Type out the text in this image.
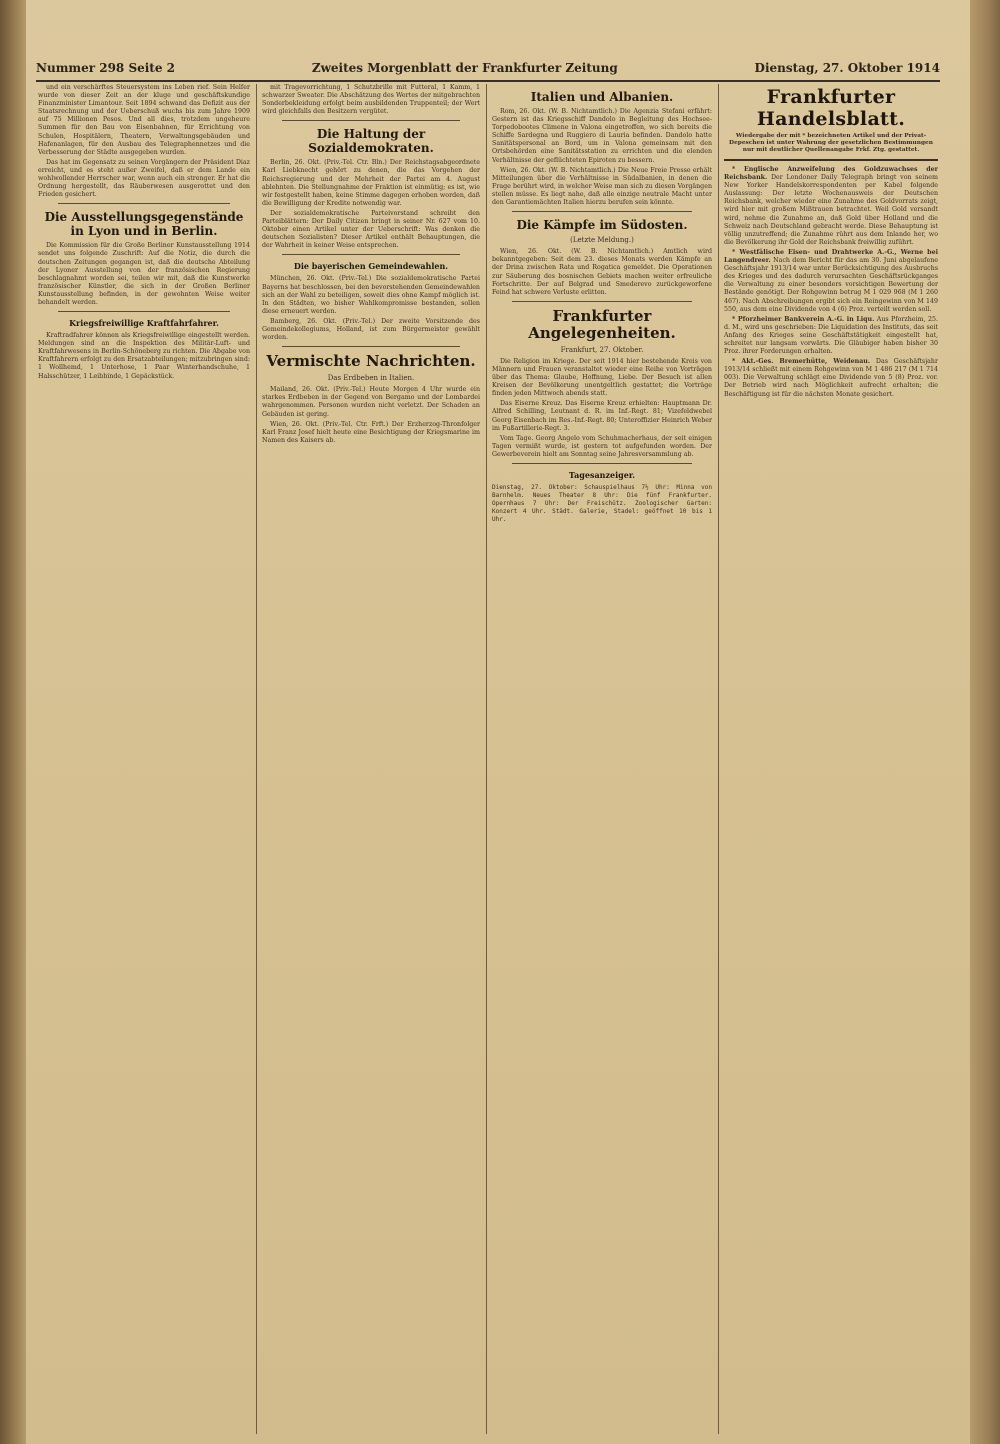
Nummer 298 Seite 2	Zweites Morgenblatt der Frankfurter Zeitung	Dienstag, 27. Oktober 1914

und ein verschärftes Steuersystem ins Leben rief. Sein Helfer wurde von dieser Zeit an der kluge und geschäftskundige Finanzminister Limantour. Seit 1894 schwand das Defizit aus der Staatsrechnung und der Ueberschuß wuchs bis zum Jahre 1909 auf 75 Millionen Pesos. Und all dies, trotzdem ungeheure Summen für den Bau von Eisenbahnen, für Errichtung von Schulen, Hospitälern, Theatern, Verwaltungsgebäuden und Hafenanlagen, für den Ausbau des Telegraphennetzes und die Verbesserung der Städte ausgegeben wurden.

Das hat im Gegensatz zu seinen Vorgängern der Präsident Diaz erreicht, und es steht außer Zweifel, daß er dem Lande ein wohlwollender Herrscher war, wenn auch ein strenger. Er hat die Ordnung hergestellt, das Räuberwesen ausgerottet und den Frieden gesichert.

Die Ausstellungsgegenstände in Lyon und in Berlin.

Die Kommission für die Große Berliner Kunstausstellung 1914 sendet uns folgende Zuschrift: Auf die Notiz, die durch die deutschen Zeitungen gegangen ist, daß die deutsche Abteilung der Lyoner Ausstellung von der französischen Regierung beschlagnahmt worden sei, teilen wir mit, daß die Kunstwerke französischer Künstler, die sich in der Großen Berliner Kunstausstellung befinden, in der gewohnten Weise weiter behandelt werden.

Kriegsfreiwillige Kraftfahrfahrer.

Kraftradfahrer können als Kriegsfreiwillige eingestellt werden. Meldungen sind an die Inspektion des Militär-Luft- und Kraftfahrwesens in Berlin-Schöneberg zu richten. Die Abgabe von Kraftfahrern erfolgt zu den Ersatzabteilungen; mitzubringen sind: 1 Wollhemd, 1 Unterhose, 1 Paar Winterhandschuhe, 1 Halsschützer, 1 Leibbinde, 1 Gepäckstück.

mit Tragevorrichtung, 1 Schutzbrille mit Futteral, 1 Kamm, 1 schwarzer Sweater. Die Abschätzung des Wertes der mitgebrachten Sonderbekleidung erfolgt beim ausbildenden Truppenteil; der Wert wird gleichfalls den Besitzern vergütet.

Die Haltung der Sozialdemokraten.

Berlin, 26. Okt. (Priv.-Tel. Ctr. Bln.) Der Reichstagsabgeordnete Karl Liebknecht gehört zu denen, die das Vorgehen der Reichsregierung und der Mehrheit der Partei am 4. August ablehnten. Die Stellungnahme der Fraktion ist einmütig; es ist, wie wir festgestellt haben, keine Stimme dagegen erhoben worden, daß die Bewilligung der Kredite notwendig war.

Der sozialdemokratische Parteivorstand schreibt den Parteiblättern: Der Daily Citizen bringt in seiner Nr. 627 vom 10. Oktober einen Artikel unter der Ueberschrift: Was denken die deutschen Sozialisten? Dieser Artikel enthält Behauptungen, die der Wahrheit in keiner Weise entsprechen.

Die bayerischen Gemeindewahlen.

München, 26. Okt. (Priv.-Tel.) Die sozialdemokratische Partei Bayerns hat beschlossen, bei den bevorstehenden Gemeindewahlen sich an der Wahl zu beteiligen, soweit dies ohne Kampf möglich ist. In den Städten, wo bisher Wahlkompromisse bestanden, sollen diese erneuert werden.

Bamberg, 26. Okt. (Priv.-Tel.) Der zweite Vorsitzende des Gemeindekollegiums, Holland, ist zum Bürgermeister gewählt worden.

Vermischte Nachrichten.
Das Erdbeben in Italien.

Mailand, 26. Okt. (Priv.-Tel.) Heute Morgen 4 Uhr wurde ein starkes Erdbeben in der Gegend von Bergamo und der Lombardei wahrgenommen. Personen wurden nicht verletzt. Der Schaden an Gebäuden ist gering.

Wien, 26. Okt. (Priv.-Tel. Ctr. Frft.) Der Erzherzog-Thronfolger Karl Franz Josef hielt heute eine Besichtigung der Kriegsmarine im Namen des Kaisers ab.

Italien und Albanien.

Rom, 26. Okt. (W. B. Nichtamtlich.) Die Agenzia Stefani erfährt: Gestern ist das Kriegsschiff Dandolo in Begleitung des Hochsee-Torpedobootes Climene in Valona eingetroffen, wo sich bereits die Schiffe Sardegna und Ruggiero di Lauria befinden. Dandolo hatte Sanitätspersonal an Bord, um in Valona gemeinsam mit den Ortsbehörden eine Sanitätsstation zu errichten und die elenden Verhältnisse der geflüchteten Epiroten zu bessern.

Wien, 26. Okt. (W. B. Nichtamtlich.) Die Neue Freie Presse erhält Mitteilungen über die Verhältnisse in Südalbanien, in denen die Frage berührt wird, in welcher Weise man sich zu diesen Vorgängen stellen müsse. Es liegt nahe, daß alle einzige neutrale Macht unter den Garantiemächten Italien hierzu berufen sein könnte.

Die Kämpfe im Südosten.
(Letzte Meldung.)

Wien, 26. Okt. (W. B. Nichtamtlich.) Amtlich wird bekanntgegeben: Seit dem 23. dieses Monats werden Kämpfe an der Drina zwischen Rata und Rogatica gemeldet. Die Operationen zur Säuberung des bosnischen Gebiets machen weiter erfreuliche Fortschritte. Der auf Belgrad und Smederevo zurückgeworfene Feind hat schwere Verluste erlitten.

Frankfurter Angelegenheiten.
Frankfurt, 27. Oktober.

Die Religion im Kriege. Der seit 1914 hier bestehende Kreis von Männern und Frauen veranstaltet wieder eine Reihe von Vorträgen über das Thema: Glaube, Hoffnung, Liebe. Der Besuch ist allen Kreisen der Bevölkerung unentgeltlich gestattet; die Vorträge finden jeden Mittwoch abends statt.

Das Eiserne Kreuz. Das Eiserne Kreuz erhielten: Hauptmann Dr. Alfred Schilling, Leutnant d. R. im Inf.-Regt. 81; Vizefeldwebel Georg Eisenbach im Res.-Inf.-Regt. 80; Unteroffizier Heinrich Weber im Fußartillerie-Regt. 3.

Vom Tage. Georg Angelo vom Schuhmacherhaus, der seit einigen Tagen vermißt wurde, ist gestern tot aufgefunden worden. Der Gewerbeverein hielt am Sonntag seine Jahresversammlung ab.

Tagesanzeiger.

Dienstag, 27. Oktober: Schauspielhaus 7½ Uhr: Minna von Barnhelm. Neues Theater 8 Uhr: Die fünf Frankfurter. Opernhaus 7 Uhr: Der Freischütz. Zoologischer Garten: Konzert 4 Uhr. Städt. Galerie, Stadel: geöffnet 10 bis 1 Uhr.

Frankfurter Handelsblatt.
Wiedergabe der mit * bezeichneten Artikel und der Privat-Depeschen ist unter Wahrung der gesetzlichen Bestimmungen nur mit deutlicher Quellenangabe Frkf. Ztg. gestattet.

* Englische Anzweifelung des Goldzuwachses der Reichsbank. Der Londoner Daily Telegraph bringt von seinem New Yorker Handelskorrespondenten per Kabel folgende Auslassung: Der letzte Wochenausweis der Deutschen Reichsbank, welcher wieder eine Zunahme des Goldvorrats zeigt, wird hier mit großem Mißtrauen betrachtet. Weil Gold versandt wird, nehme die Zunahme an, daß Gold über Holland und die Schweiz nach Deutschland gebracht werde. Diese Behauptung ist völlig unzutreffend; die Zunahme rührt aus dem Inlande her, wo die Bevölkerung ihr Gold der Reichsbank freiwillig zuführt.

* Westfälische Eisen- und Drahtwerke A.-G., Werne bei Langendreer. Nach dem Bericht für das am 30. Juni abgelaufene Geschäftsjahr 1913/14 war unter Berücksichtigung des Ausbruchs des Krieges und des dadurch verursachten Geschäftsrückganges die Verwaltung zu einer besonders vorsichtigen Bewertung der Bestände genötigt. Der Rohgewinn betrug M 1 029 968 (M 1 260 467). Nach Abschreibungen ergibt sich ein Reingewinn von M 149 550, aus dem eine Dividende von 4 (6) Proz. verteilt werden soll.

* Pforzheimer Bankverein A.-G. in Liqu. Aus Pforzheim, 25. d. M., wird uns geschrieben: Die Liquidation des Instituts, das seit Anfang des Krieges seine Geschäftstätigkeit eingestellt hat, schreitet nur langsam vorwärts. Die Gläubiger haben bisher 30 Proz. ihrer Forderungen erhalten.

* Akt.-Ges. Bremerhütte, Weidenau. Das Geschäftsjahr 1913/14 schließt mit einem Rohgewinn von M 1 486 217 (M 1 714 003). Die Verwaltung schlägt eine Dividende von 5 (8) Proz. vor. Der Betrieb wird nach Möglichkeit aufrecht erhalten; die Beschäftigung ist für die nächsten Monate gesichert.
